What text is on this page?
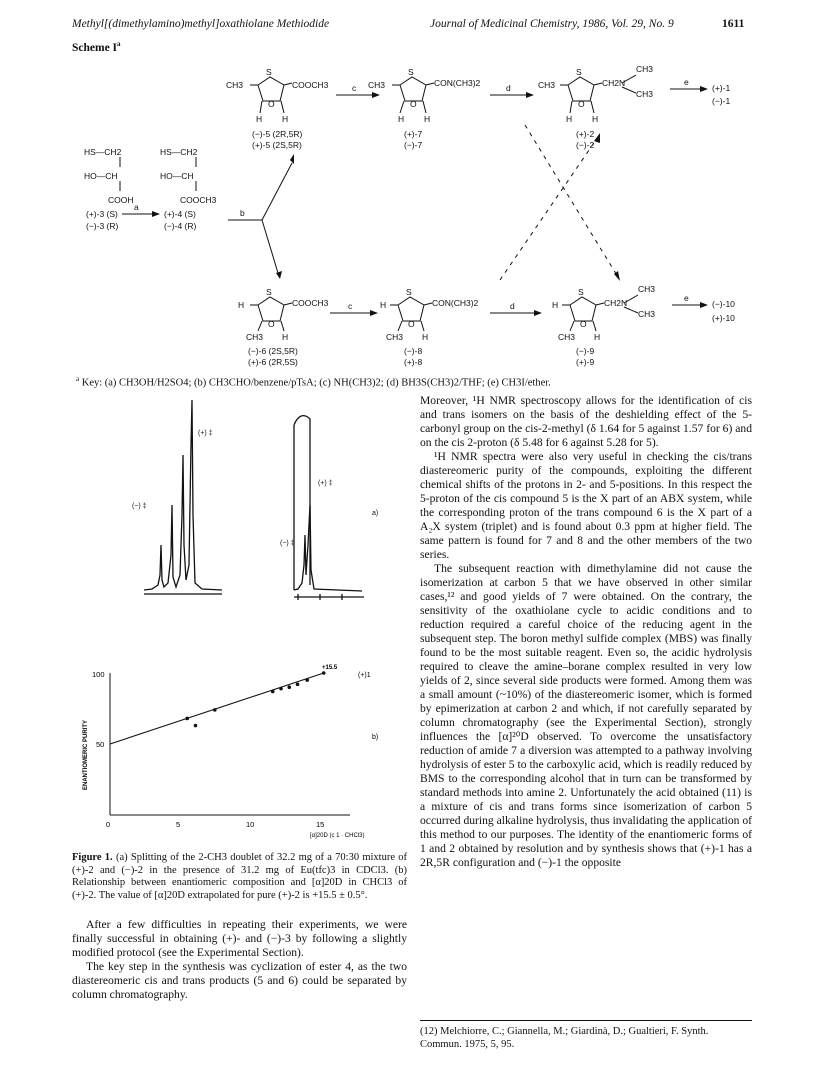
Methyl[(dimethylamino)methyl]oxathiolane Methiodide	Journal of Medicinal Chemistry, 1986, Vol. 29, No. 9	1611
Scheme $I^a$
CH3
S
COOCH3
O
H H
(−)-5 (2R,5R)
(+)-5 (2S,5R)
CH3
S
CON(CH3)2
O
H H
(+)-7
(−)-7
CH3
S
CH2N
CH3
CH3
O
H H
(+)-2
(−)-2
(+)-1
(−)-1
c	d
e
HS—CH2
HO—CH
COOH
(+)-3 (S)
(−)-3 (R)
HS—CH2
HO—CH
COOCH3
(+)-4 (S)
(−)-4 (R)
a
b
H
S
COOCH3
O
CH3 H
(−)-6 (2S,5R)
(+)-6 (2R,5S)
H
S
CON(CH3)2
O
CH3 H
(−)-8
(+)-8
H
S
CH2N
CH3
CH3
O
CH3 H
(−)-9
(+)-9
(−)-10
(+)-10
c	d
e
$^a$ Key: (a) CH3OH/H2SO4; (b) CH3CHO/benzene/pTsA; (c) NH(CH3)2; (d) BH3S(CH3)2/THF; (e) CH3I/ether.
(−) ‡
(+) ‡
(+) ‡
(−) ‡
a)
100
50
0	5	10	15
ENANTIOMERIC PURITY
[α]20D (c 1 · CHCl3)
+15.5
(+)1
b)
Figure 1. (a) Splitting of the 2-CH3 doublet of 32.2 mg of a 70:30 mixture of (+)-2 and (−)-2 in the presence of 31.2 mg of Eu(tfc)3 in CDCl3. (b) Relationship between enantiomeric composition and [α]20D in CHCl3 of (+)-2. The value of [α]20D extrapolated for pure (+)-2 is +15.5 ± 0.5°.

After a few difficulties in repeating their experiments, we were finally successful in obtaining (+)- and (−)-3 by following a slightly modified protocol (see the Experimental Section).

The key step in the synthesis was cyclization of ester 4, as the two diastereomeric cis and trans products (5 and 6) could be separated by column chromatography.

Moreover, ¹H NMR spectroscopy allows for the identification of cis and trans isomers on the basis of the deshielding effect of the 5-carbonyl group on the cis-2-methyl (δ 1.64 for 5 against 1.57 for 6) and on the cis 2-proton (δ 5.48 for 6 against 5.28 for 5).

¹H NMR spectra were also very useful in checking the cis/trans diastereomeric purity of the compounds, exploiting the different chemical shifts of the protons in 2- and 5-positions. In this respect the 5-proton of the cis compound 5 is the X part of an ABX system, while the corresponding proton of the trans compound 6 is the X part of a A₂X system (triplet) and is found about 0.3 ppm at higher field. The same pattern is found for 7 and 8 and the other members of the two series.

The subsequent reaction with dimethylamine did not cause the isomerization at carbon 5 that we have observed in other similar cases,¹² and good yields of 7 were obtained. On the contrary, the sensitivity of the oxathiolane cycle to acidic conditions and to reduction required a careful choice of the reducing agent in the subsequent step. The boron methyl sulfide complex (MBS) was finally found to be the most suitable reagent. Even so, the acidic hydrolysis required to cleave the amine–borane complex resulted in very low yields of 2, since several side products were formed. Among them was a small amount (~10%) of the diastereomeric isomer, which is formed by epimerization at carbon 2 and which, if not carefully separated by column chromatography (see the Experimental Section), strongly influences the [α]²⁰D observed. To overcome the unsatisfactory reduction of amide 7 a diversion was attempted to a pathway involving hydrolysis of ester 5 to the carboxylic acid, which is readily reduced by BMS to the corresponding alcohol that in turn can be transformed by standard methods into amine 2. Unfortunately the acid obtained (11) is a mixture of cis and trans forms since isomerization of carbon 5 occurred during alkaline hydrolysis, thus invalidating the application of this method to our purposes. The identity of the enantiomeric forms of 1 and 2 obtained by resolution and by synthesis shows that (+)-1 has a 2R,5R configuration and (−)-1 the opposite

(12) Melchiorre, C.; Giannella, M.; Giardinà, D.; Gualtieri, F. Synth. Commun. 1975, 5, 95.
